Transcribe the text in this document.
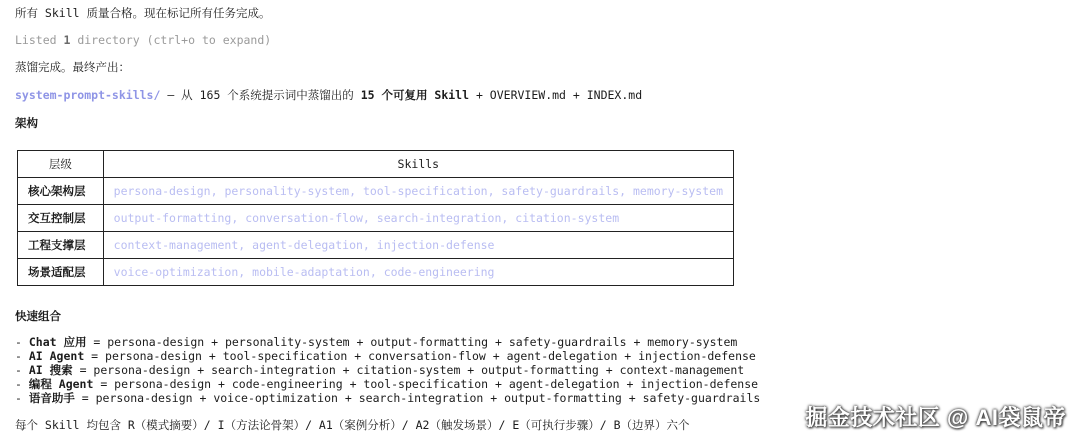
所有 Skill 质量合格。现在标记所有任务完成。
Listed 1 directory (ctrl+o to expand)
蒸馏完成。最终产出：
system-prompt-skills/ — 从 165 个系统提示词中蒸馏出的 15 个可复用 Skill + OVERVIEW.md + INDEX.md
架构
层级	Skills
核心架构层	persona-design, personality-system, tool-specification, safety-guardrails, memory-system
交互控制层	output-formatting, conversation-flow, search-integration, citation-system
工程支撑层	context-management, agent-delegation, injection-defense
场景适配层	voice-optimization, mobile-adaptation, code-engineering
快速组合
- Chat 应用 = persona-design + personality-system + output-formatting + safety-guardrails + memory-system
- AI Agent = persona-design + tool-specification + conversation-flow + agent-delegation + injection-defense
- AI 搜索 = persona-design + search-integration + citation-system + output-formatting + context-management
- 编程 Agent = persona-design + code-engineering + tool-specification + agent-delegation + injection-defense
- 语音助手 = persona-design + voice-optimization + search-integration + output-formatting + safety-guardrails
每个 Skill 均包含 R（模式摘要）/ I（方法论骨架）/ A1（案例分析）/ A2（触发场景）/ E（可执行步骤）/ B（边界）六个	掘金技术社区 @ AI袋鼠帝
